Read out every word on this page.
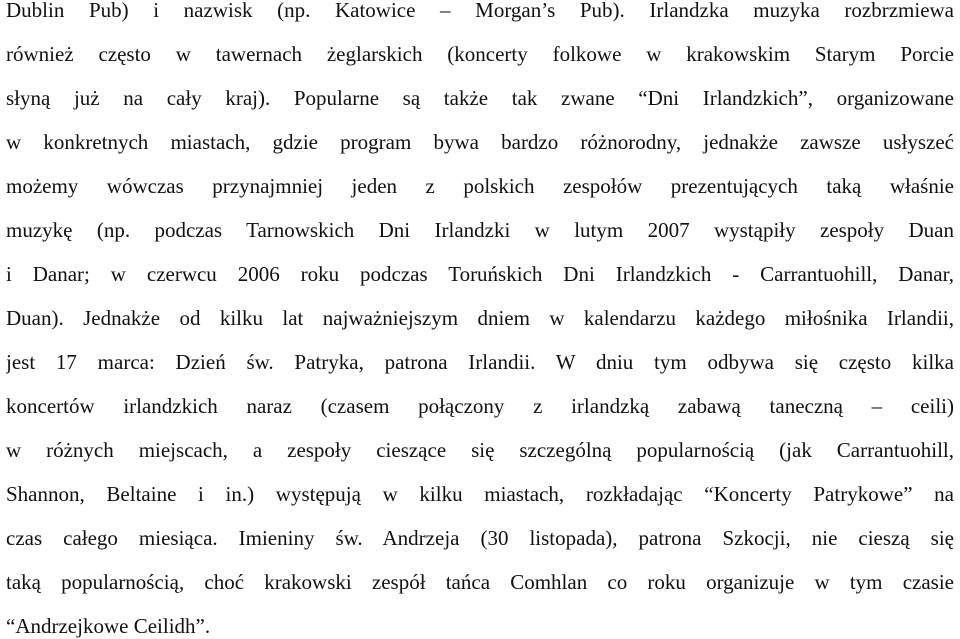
Dublin Pub) i nazwisk (np. Katowice – Morgan’s Pub). Irlandzka muzyka rozbrzmiewa
również często w tawernach żeglarskich (koncerty folkowe w krakowskim Starym Porcie
słyną już na cały kraj). Popularne są także tak zwane “Dni Irlandzkich”, organizowane
w konkretnych miastach, gdzie program bywa bardzo różnorodny, jednakże zawsze usłyszeć
możemy wówczas przynajmniej jeden z polskich zespołów prezentujących taką właśnie
muzykę (np. podczas Tarnowskich Dni Irlandzki w lutym 2007 wystąpiły zespoły Duan
i Danar; w czerwcu 2006 roku podczas Toruńskich Dni Irlandzkich - Carrantuohill, Danar,
Duan). Jednakże od kilku lat najważniejszym dniem w kalendarzu każdego miłośnika Irlandii,
jest 17 marca: Dzień św. Patryka, patrona Irlandii. W dniu tym odbywa się często kilka
koncertów irlandzkich naraz (czasem połączony z irlandzką zabawą taneczną – ceili)
w różnych miejscach, a zespoły cieszące się szczególną popularnością (jak Carrantuohill,
Shannon, Beltaine i in.) występują w kilku miastach, rozkładając “Koncerty Patrykowe” na
czas całego miesiąca. Imieniny św. Andrzeja (30 listopada), patrona Szkocji, nie cieszą się
taką popularnością, choć krakowski zespół tańca Comhlan co roku organizuje w tym czasie
“Andrzejkowe Ceilidh”.
